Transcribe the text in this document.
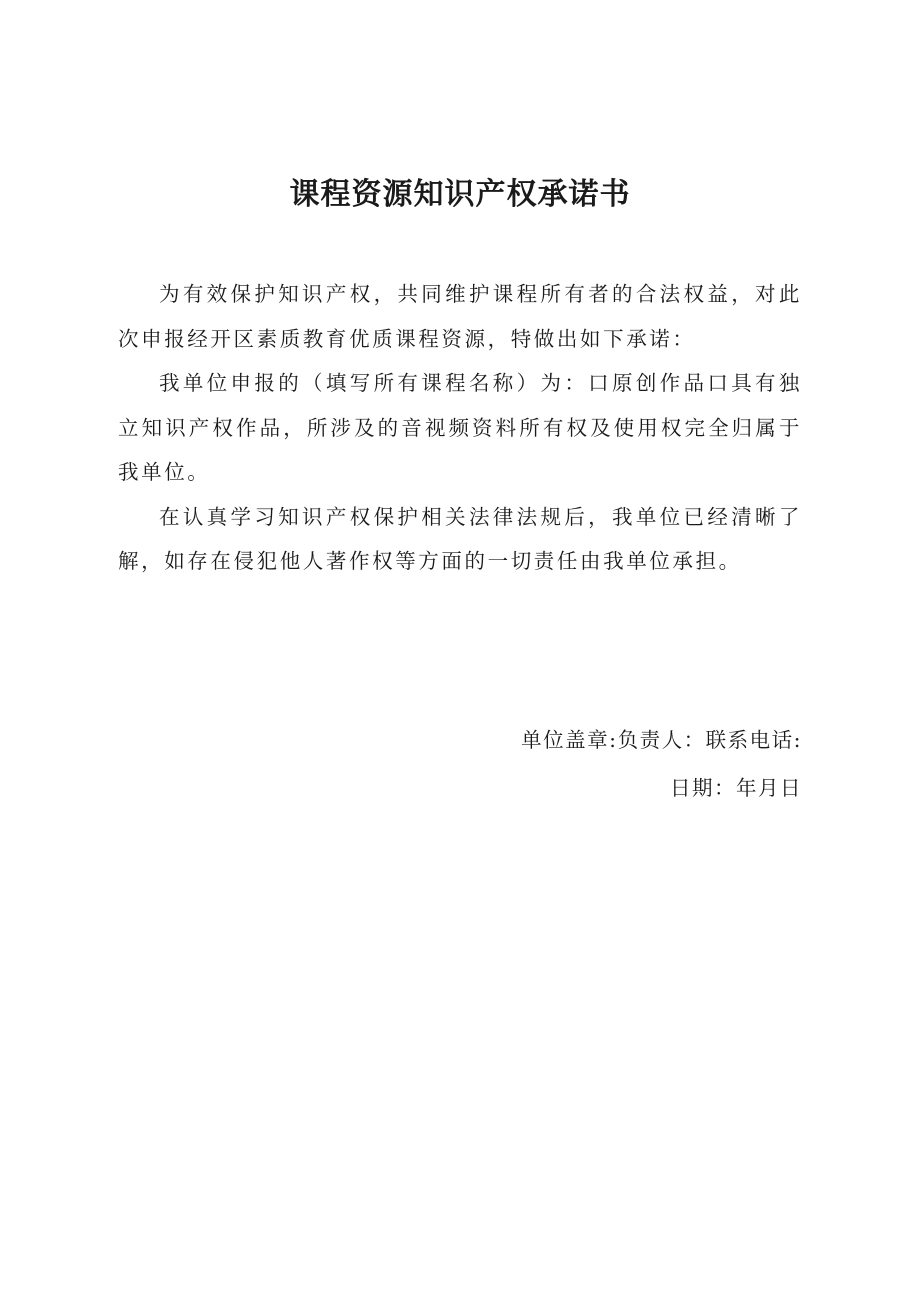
课程资源知识产权承诺书

为有效保护知识产权，共同维护课程所有者的合法权益，对此次申报经开区素质教育优质课程资源，特做出如下承诺：

我单位申报的（填写所有课程名称）为：口原创作品口具有独立知识产权作品，所涉及的音视频资料所有权及使用权完全归属于我单位。

在认真学习知识产权保护相关法律法规后，我单位已经清晰了解，如存在侵犯他人著作权等方面的一切责任由我单位承担。

单位盖章:负责人：联系电话:

日期：年月日
